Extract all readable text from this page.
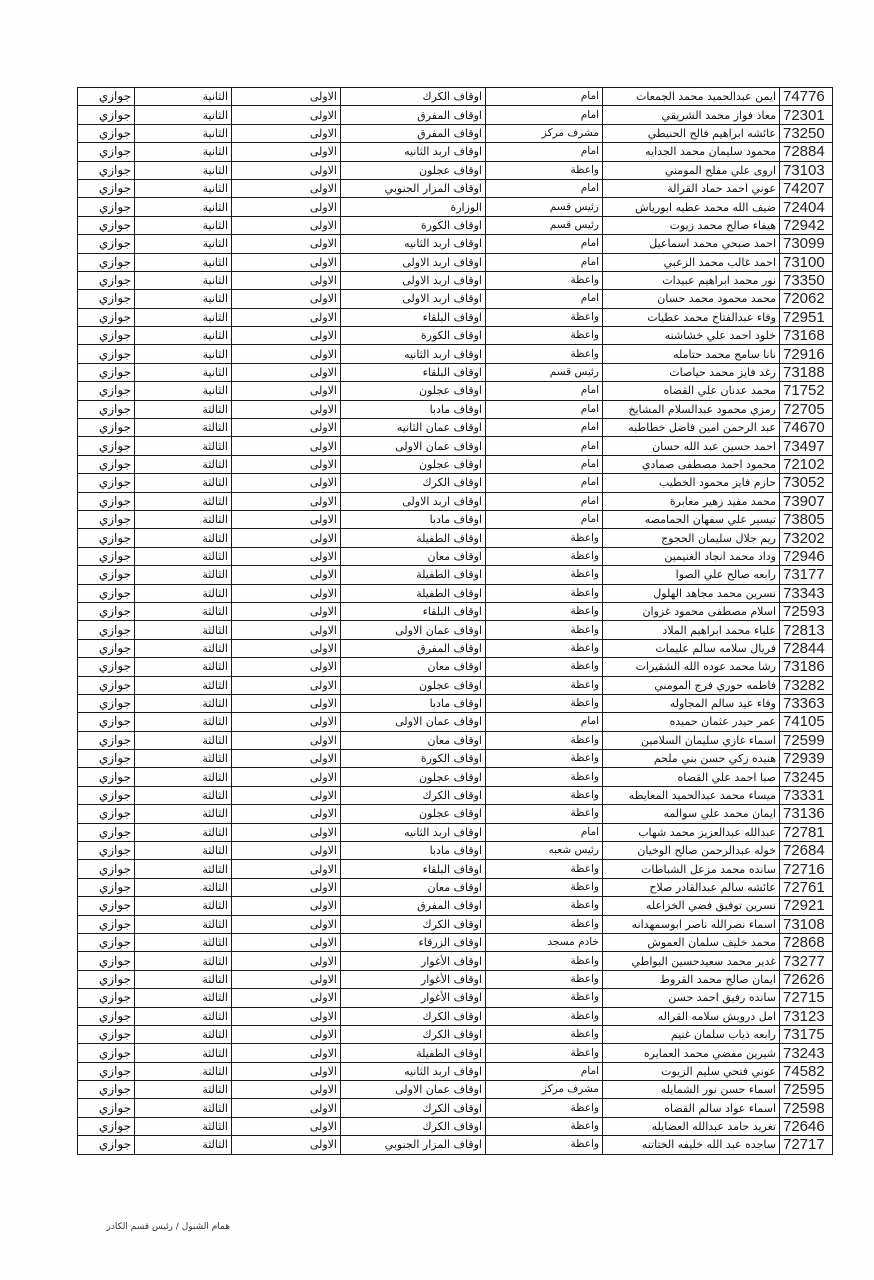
74776	ايمن عبدالحميد محمد الجمعات	امام	اوقاف الكرك	الاولى	الثانية	جوازي
72301	معاذ فواز محمد الشريقي	امام	اوقاف المفرق	الاولى	الثانية	جوازي
73250	عائشه ابراهيم فالح الحنيطي	مشرف مركز	اوقاف المفرق	الاولى	الثانية	جوازي
72884	محمود سليمان محمد الجدايه	امام	اوقاف اربد الثانيه	الاولى	الثانية	جوازي
73103	اروى علي مفلح المومني	واعظة	اوقاف عجلون	الاولى	الثانية	جوازي
74207	عوني احمد حماد القرالة	امام	اوقاف المزار الجنوبي	الاولى	الثانية	جوازي
72404	ضيف الله محمد عطيه ابورياش	رئيس قسم	الوزارة	الاولى	الثانية	جوازي
72942	هيفاء صالح محمد زيوت	رئيس قسم	اوقاف الكورة	الاولى	الثانية	جوازي
73099	احمد صبحي محمد اسماعيل	امام	اوقاف اربد الثانيه	الاولى	الثانية	جوازي
73100	احمد غالب محمد الزعبي	امام	اوقاف اربد الاولى	الاولى	الثانية	جوازي
73350	نور محمد ابراهيم عبيدات	واعظة	اوقاف اربد الاولى	الاولى	الثانية	جوازي
72062	محمد محمود محمد حسان	امام	اوقاف اربد الاولى	الاولى	الثانية	جوازي
72951	وفاء عبدالفتاح محمد عطيات	واعظة	اوقاف البلقاء	الاولى	الثانية	جوازي
73168	خلود احمد علي خشاشنه	واعظة	اوقاف الكورة	الاولى	الثانية	جوازي
72916	نانا سامح محمد حتامله	واعظة	اوقاف اربد الثانيه	الاولى	الثانية	جوازي
73188	رغد فايز محمد حياصات	رئيس قسم	اوقاف البلقاء	الاولى	الثانية	جوازي
71752	محمد عدنان علي القضاه	امام	اوقاف عجلون	الاولى	الثانية	جوازي
72705	رمزي محمود عبدالسلام المشايخ	امام	اوقاف مادبا	الاولى	الثالثة	جوازي
74670	عبد الرحمن امين فاضل خطاطبه	امام	اوقاف عمان الثانيه	الاولى	الثالثة	جوازي
73497	احمد حسين عبد الله حسان	امام	اوقاف عمان الاولى	الاولى	الثالثة	جوازي
72102	محمود احمد مصطفى صمادي	امام	اوقاف عجلون	الاولى	الثالثة	جوازي
73052	حازم فايز محمود الخطيب	امام	اوقاف الكرك	الاولى	الثالثة	جوازي
73907	محمد مفيد زهير معابرة	امام	اوقاف اربد الاولى	الاولى	الثالثة	جوازي
73805	تيسير علي سفهان الحمامصه	امام	اوقاف مادبا	الاولى	الثالثة	جوازي
73202	ريم جلال سليمان الحجوج	واعظة	اوقاف الطفيلة	الاولى	الثالثة	جوازي
72946	وداد محمد انجاد الغنيمين	واعظة	اوقاف معان	الاولى	الثالثة	جوازي
73177	رابعه صالح علي الصوا	واعظة	اوقاف الطفيلة	الاولى	الثالثة	جوازي
73343	نسرين محمد مجاهد الهلول	واعظة	اوقاف الطفيلة	الاولى	الثالثة	جوازي
72593	اسلام مصطفى محمود غزوان	واعظة	اوقاف البلقاء	الاولى	الثالثة	جوازي
72813	علياء محمد ابراهيم الملاد	واعظة	اوقاف عمان الاولى	الاولى	الثالثة	جوازي
72844	فريال سلامه سالم عليمات	واعظة	اوقاف المفرق	الاولى	الثالثة	جوازي
73186	رشا محمد عوده الله الشقيرات	واعظة	اوقاف معان	الاولى	الثالثة	جوازي
73282	فاطمه حوري فرج المومني	واعظة	اوقاف عجلون	الاولى	الثالثة	جوازي
73363	وفاء عيد سالم المجاوله	واعظة	اوقاف مادبا	الاولى	الثالثة	جوازي
74105	عمر حيدر عثمان حميده	امام	اوقاف عمان الاولى	الاولى	الثالثة	جوازي
72599	اسماء غازي سليمان السلامين	واعظة	اوقاف معان	الاولى	الثالثة	جوازي
72939	هنيده زكي حسن بني ملحم	واعظة	اوقاف الكورة	الاولى	الثالثة	جوازي
73245	صبا احمد علي القضاه	واعظة	اوقاف عجلون	الاولى	الثالثة	جوازي
73331	ميساء محمد عبدالحميد المعايطه	واعظة	اوقاف الكرك	الاولى	الثالثة	جوازي
73136	ايمان محمد علي سوالمه	واعظة	اوقاف عجلون	الاولى	الثالثة	جوازي
72781	عبدالله عبدالعزيز محمد شهاب	امام	اوقاف اربد الثانيه	الاولى	الثالثة	جوازي
72684	خوله عبدالرحمن صالح الوخيان	رئيس شعبه	اوقاف مادبا	الاولى	الثالثة	جوازي
72716	سانده محمد مزعل الشباطات	واعظة	اوقاف البلقاء	الاولى	الثالثة	جوازي
72761	عائشه سالم عبدالقادر صلاح	واعظة	اوقاف معان	الاولى	الثالثة	جوازي
72921	نسرين توفيق فضي الخزاعله	واعظة	اوقاف المفرق	الاولى	الثالثة	جوازي
73108	اسماء نصرالله ناصر ابوسمهدانه	واعظة	اوقاف الكرك	الاولى	الثالثة	جوازي
72868	محمد خليف سلمان العموش	خادم مسجد	اوقاف الزرقاء	الاولى	الثالثة	جوازي
73277	غدير محمد سعيدحسين البواطي	واعظة	اوقاف الأغوار	الاولى	الثالثة	جوازي
72626	ايمان صالح محمد القروط	واعظة	اوقاف الأغوار	الاولى	الثالثة	جوازي
72715	سانده رفيق احمد حسن	واعظة	اوقاف الأغوار	الاولى	الثالثة	جوازي
73123	امل درويش سلامه القراله	واعظة	اوقاف الكرك	الاولى	الثالثة	جوازي
73175	رابعه ذياب سلمان غنيم	واعظة	اوقاف الكرك	الاولى	الثالثة	جوازي
73243	شيرين مفضي محمد العمايره	واعظة	اوقاف الطفيلة	الاولى	الثالثة	جوازي
74582	عوني فتحي سليم الزيوت	امام	اوقاف اربد الثانيه	الاولى	الثالثة	جوازي
72595	اسماء حسن نور الشمايله	مشرف مركز	اوقاف عمان الاولى	الاولى	الثالثة	جوازي
72598	اسماء عواد سالم القضاه	واعظة	اوقاف الكرك	الاولى	الثالثة	جوازي
72646	تغريد حامد عبدالله العضايله	واعظة	اوقاف الكرك	الاولى	الثالثة	جوازي
72717	ساجده عبد الله خليفه الختاتنه	واعظة	اوقاف المزار الجنوبي	الاولى	الثالثة	جوازي
همام الشبول / رئيس قسم الكادر
